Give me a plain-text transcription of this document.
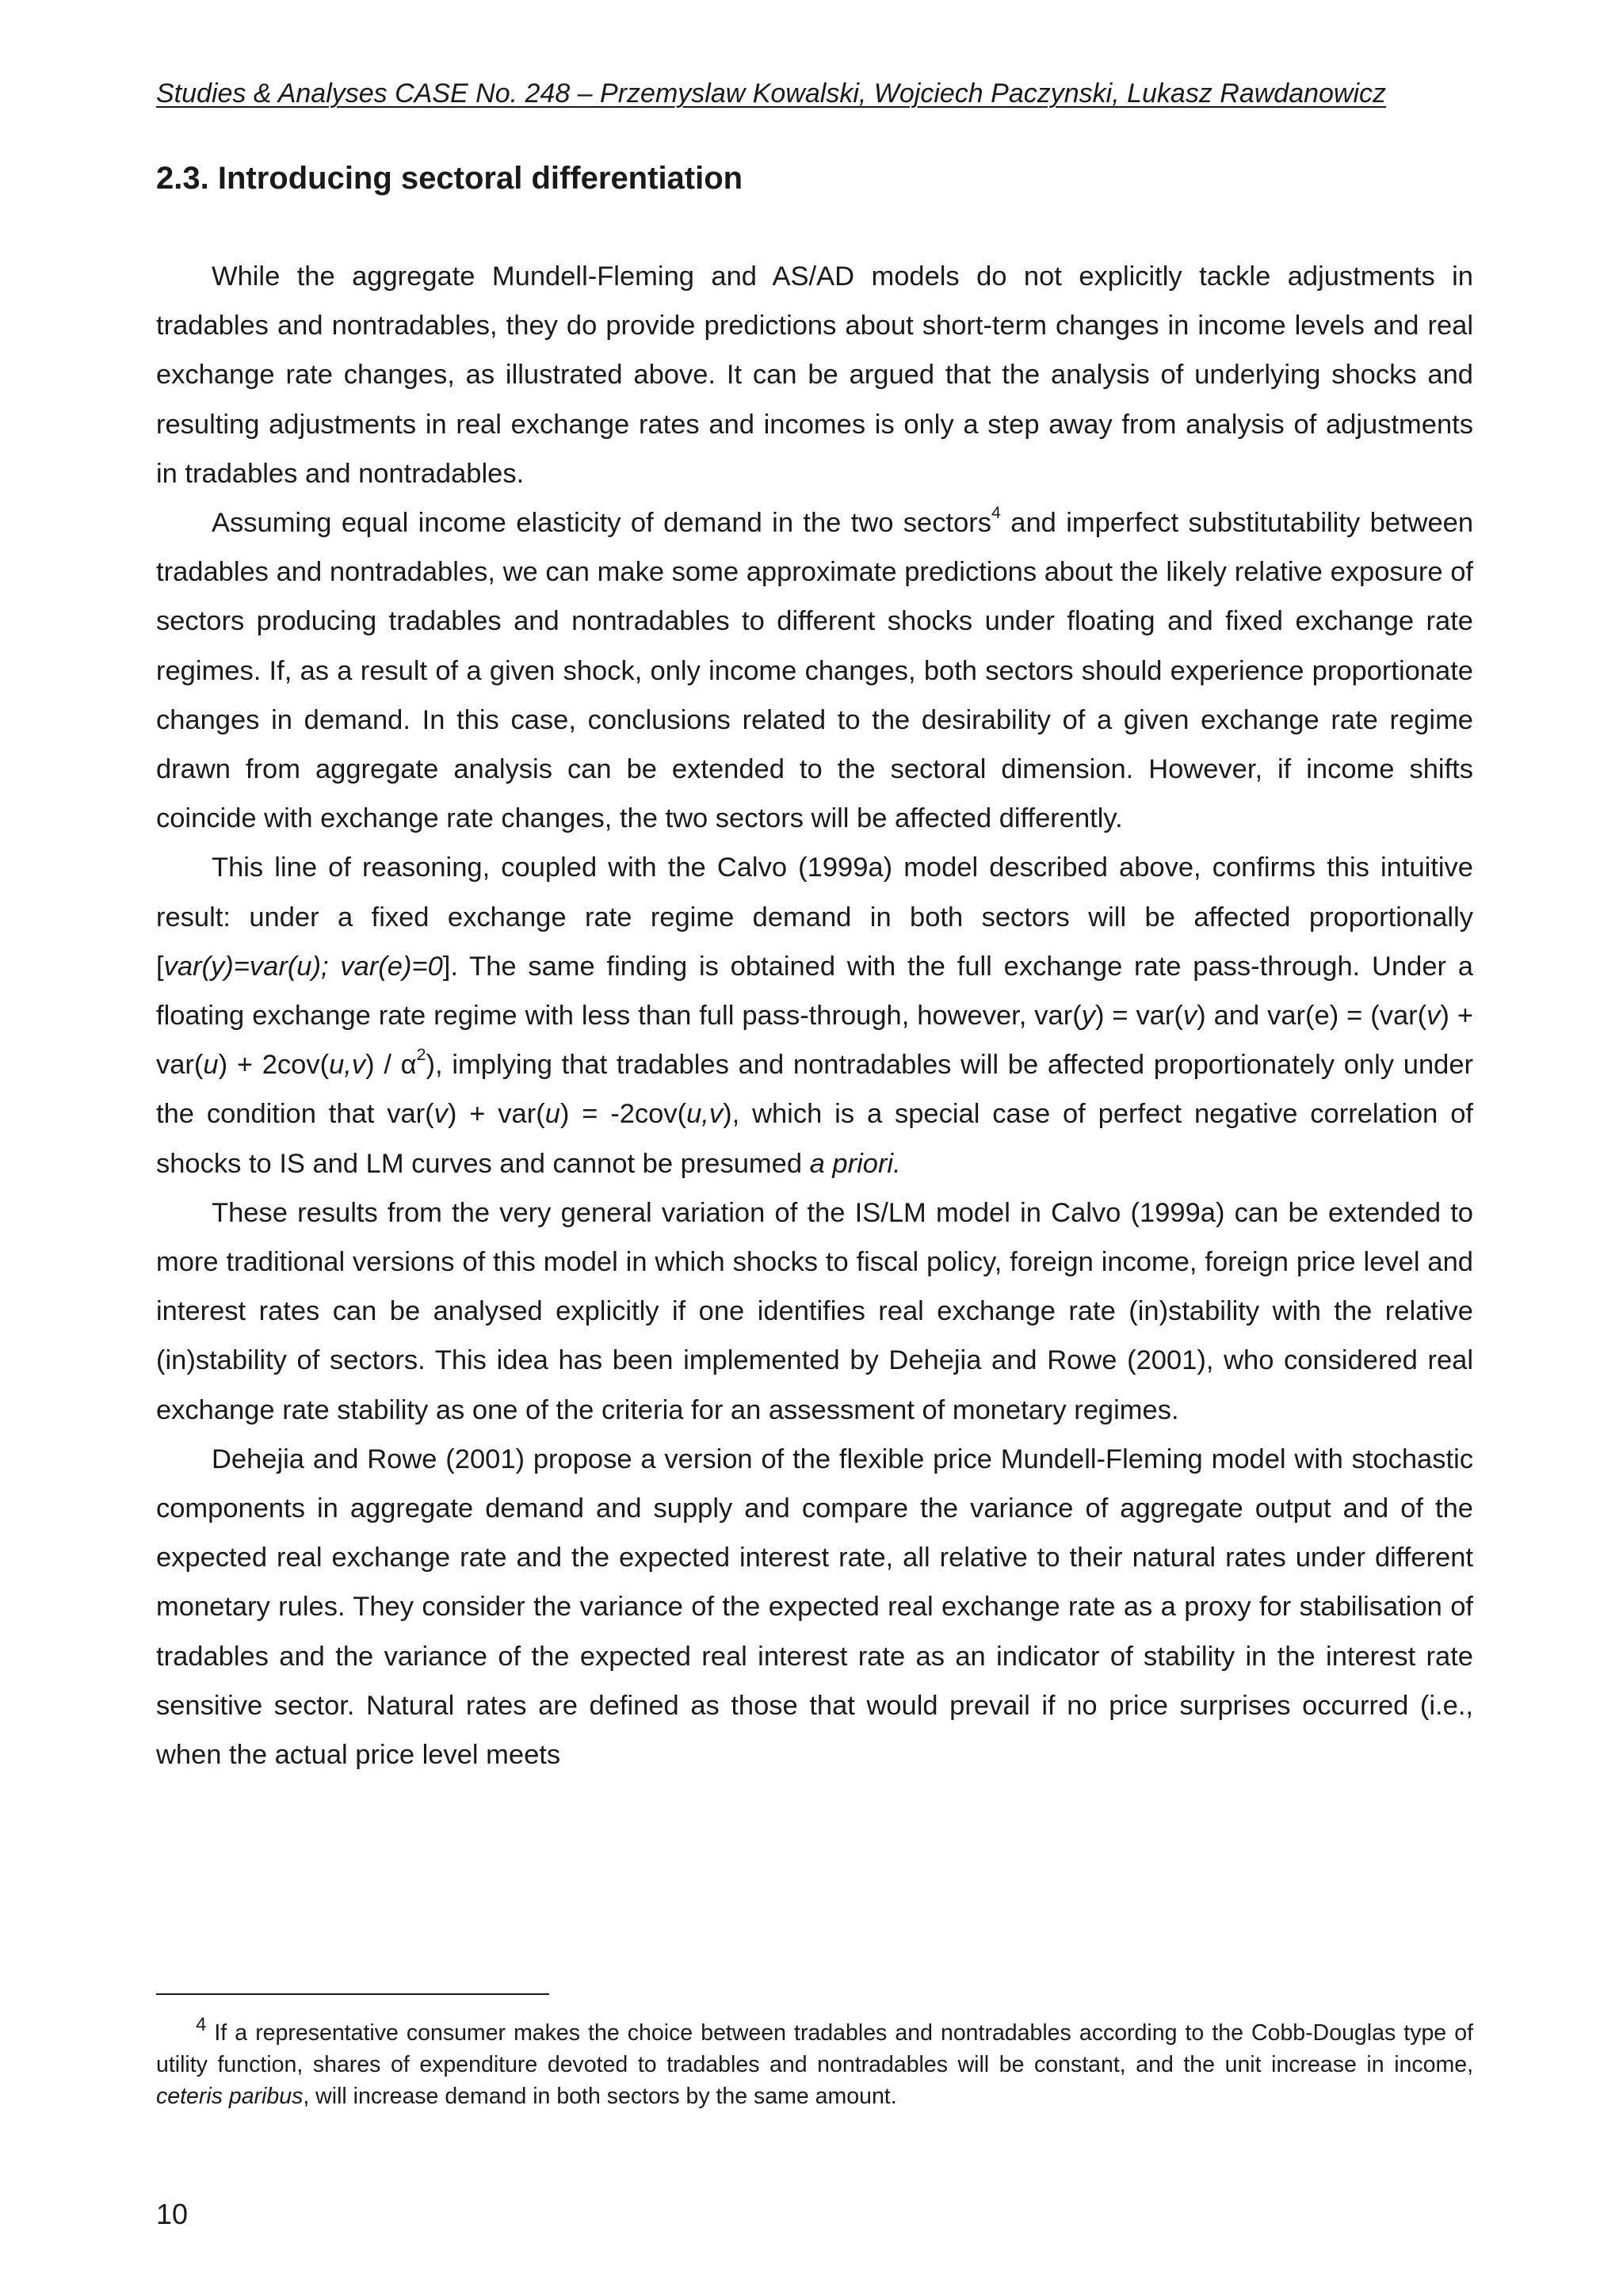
Studies & Analyses CASE No. 248 – Przemyslaw Kowalski, Wojciech Paczynski, Lukasz Rawdanowicz
2.3. Introducing sectoral differentiation

While the aggregate Mundell-Fleming and AS/AD models do not explicitly tackle adjustments in tradables and nontradables, they do provide predictions about short-term changes in income levels and real exchange rate changes, as illustrated above. It can be argued that the analysis of underlying shocks and resulting adjustments in real exchange rates and incomes is only a step away from analysis of adjustments in tradables and nontradables.

Assuming equal income elasticity of demand in the two sectors$^4$ and imperfect substitutability between tradables and nontradables, we can make some approximate predictions about the likely relative exposure of sectors producing tradables and nontradables to different shocks under floating and fixed exchange rate regimes. If, as a result of a given shock, only income changes, both sectors should experience proportionate changes in demand. In this case, conclusions related to the desirability of a given exchange rate regime drawn from aggregate analysis can be extended to the sectoral dimension. However, if income shifts coincide with exchange rate changes, the two sectors will be affected differently.

This line of reasoning, coupled with the Calvo (1999a) model described above, confirms this intuitive result: under a fixed exchange rate regime demand in both sectors will be affected proportionally [var(y)=var(u); var(e)=0]. The same finding is obtained with the full exchange rate pass-through. Under a floating exchange rate regime with less than full pass-through, however, var(y) = var(v) and $var(e) = (var(v) + var(u) + 2cov(u,v) / \alpha^2)$, implying that tradables and nontradables will be affected proportionately only under the condition that var(v) + var(u) = -2cov(u,v), which is a special case of perfect negative correlation of shocks to IS and LM curves and cannot be presumed a priori.

These results from the very general variation of the IS/LM model in Calvo (1999a) can be extended to more traditional versions of this model in which shocks to fiscal policy, foreign income, foreign price level and interest rates can be analysed explicitly if one identifies real exchange rate (in)stability with the relative (in)stability of sectors. This idea has been implemented by Dehejia and Rowe (2001), who considered real exchange rate stability as one of the criteria for an assessment of monetary regimes.

Dehejia and Rowe (2001) propose a version of the flexible price Mundell-Fleming model with stochastic components in aggregate demand and supply and compare the variance of aggregate output and of the expected real exchange rate and the expected interest rate, all relative to their natural rates under different monetary rules. They consider the variance of the expected real exchange rate as a proxy for stabilisation of tradables and the variance of the expected real interest rate as an indicator of stability in the interest rate sensitive sector. Natural rates are defined as those that would prevail if no price surprises occurred (i.e., when the actual price level meets

$^4$ If a representative consumer makes the choice between tradables and nontradables according to the Cobb-Douglas type of utility function, shares of expenditure devoted to tradables and nontradables will be constant, and the unit increase in income, ceteris paribus, will increase demand in both sectors by the same amount.

10
